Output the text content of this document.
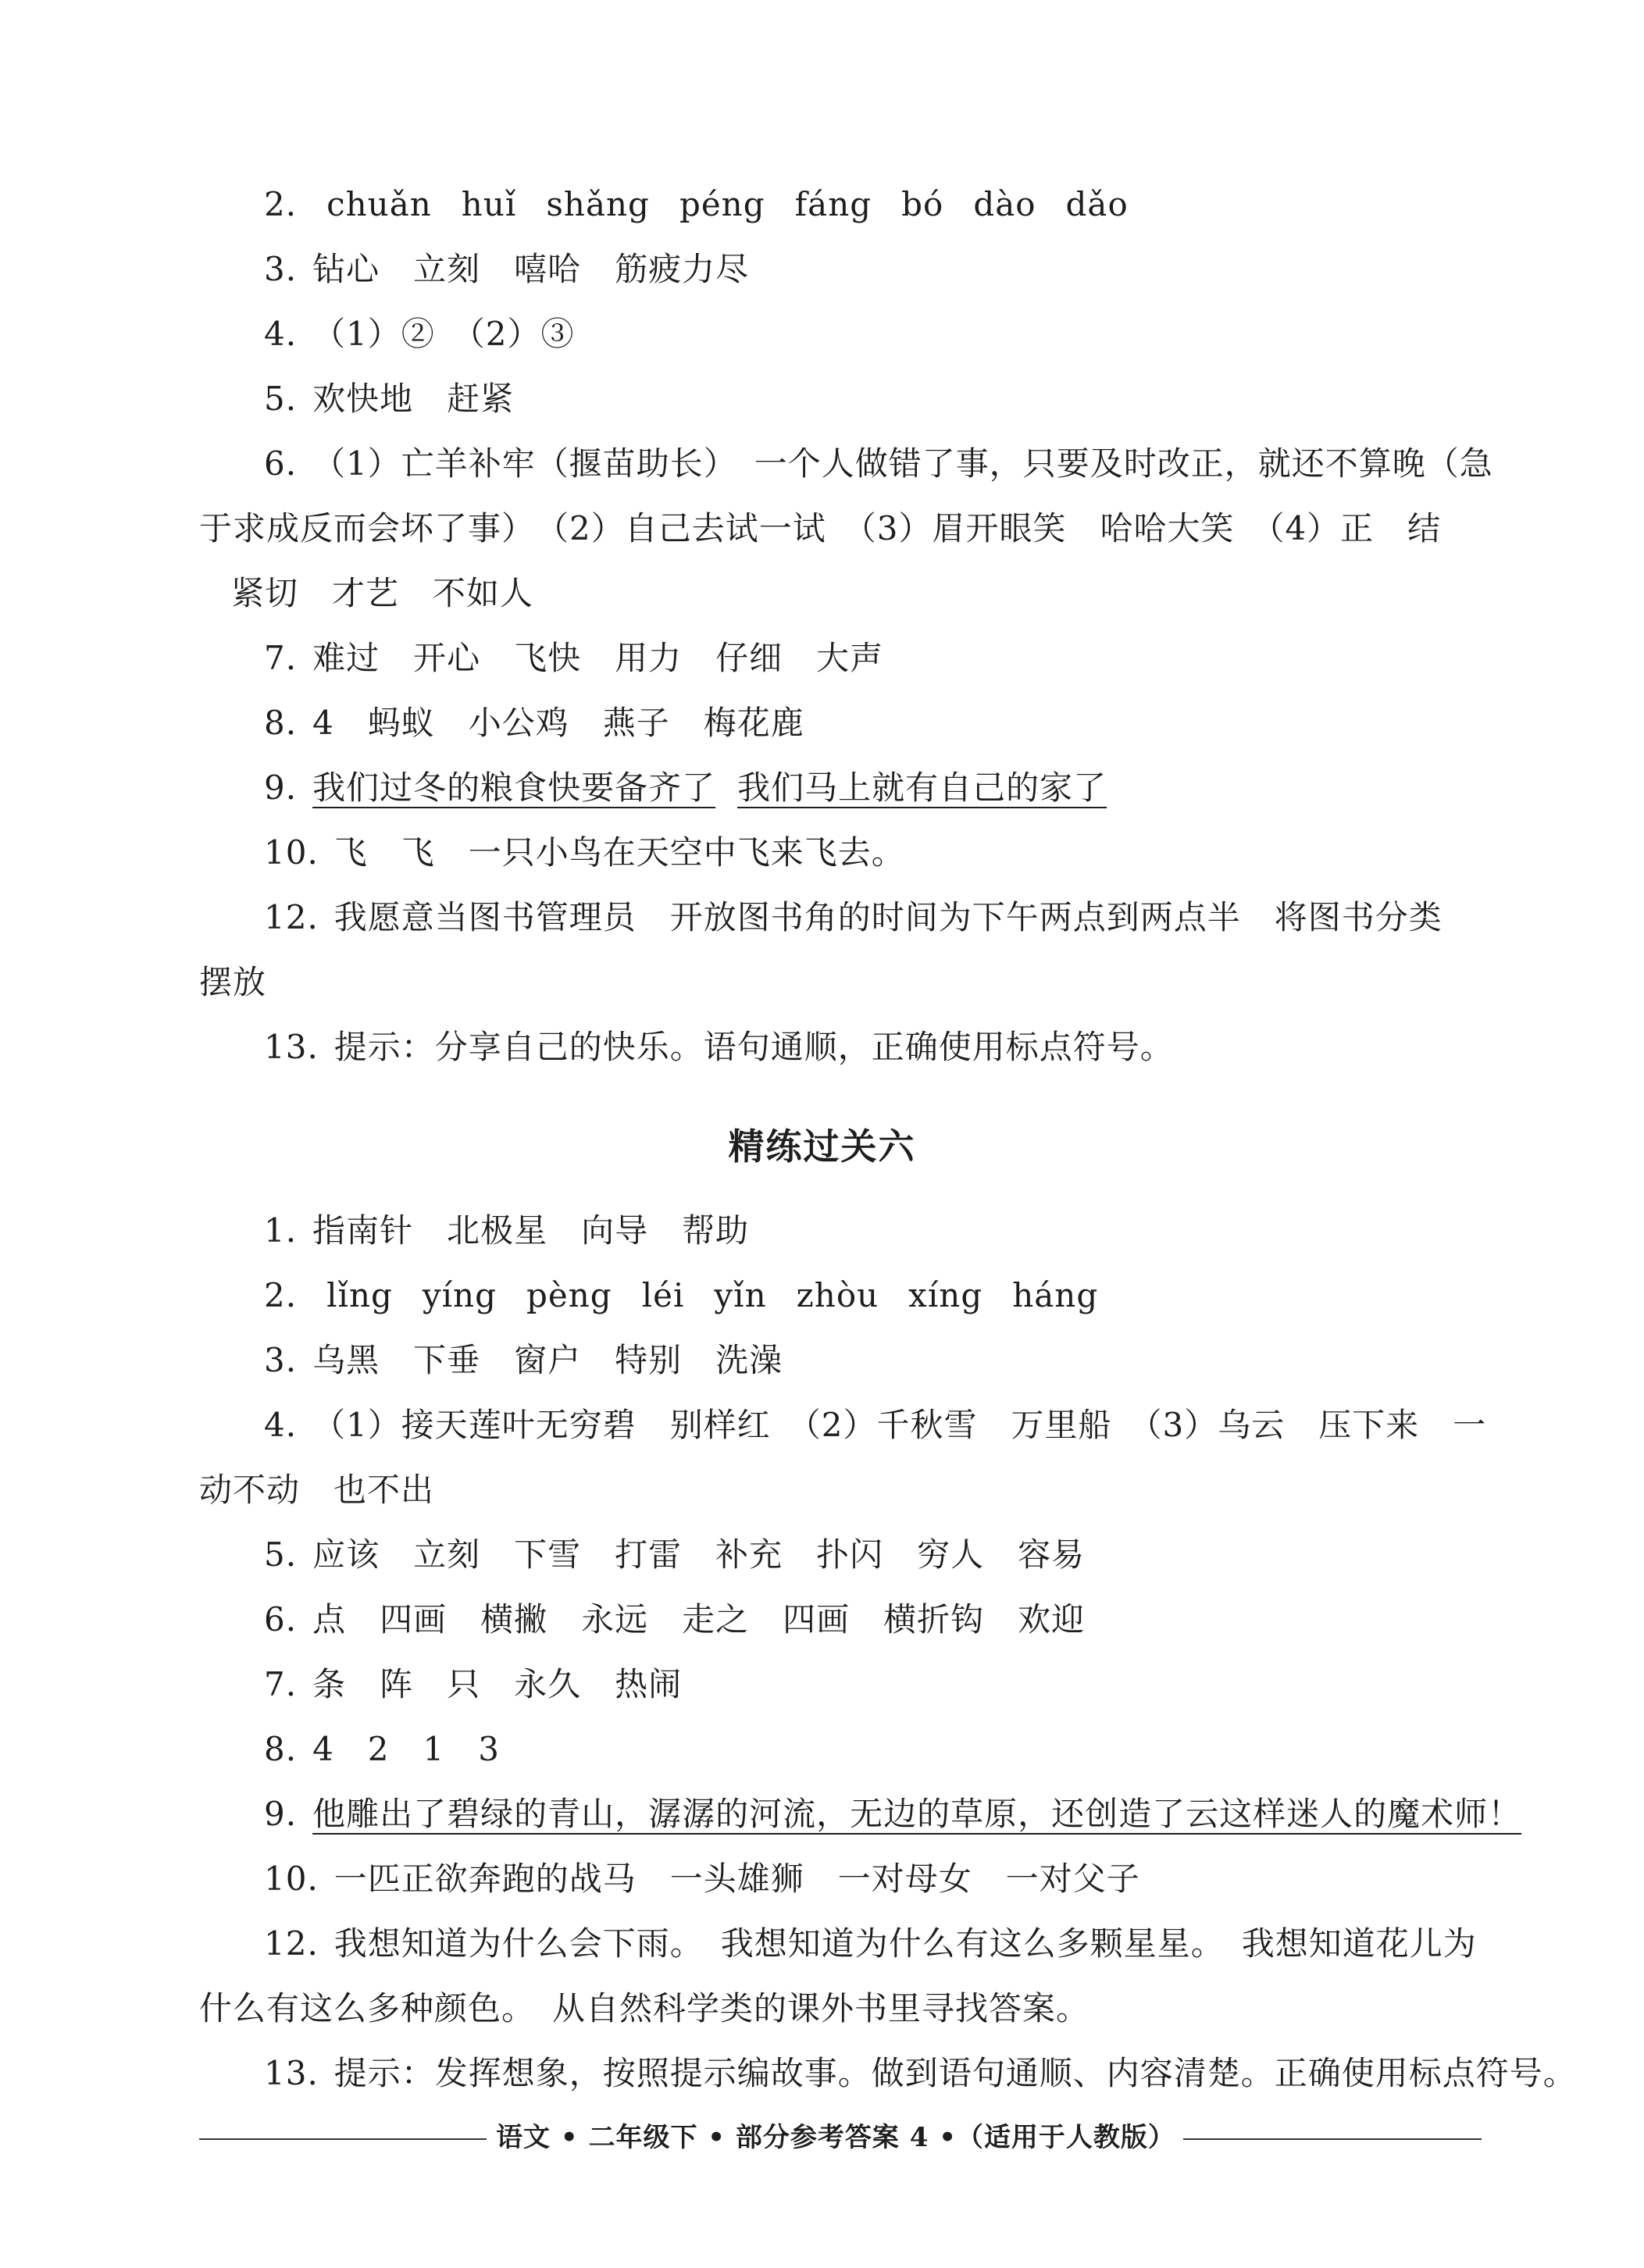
2. chuǎn huǐ shǎng péng fáng bó dào dǎo
3. 钻心　立刻　嘻哈　筋疲力尽
4. （1）②　（2）③
5. 欢快地　赶紧
6. （1）亡羊补牢（揠苗助长）　一个人做错了事，只要及时改正，就还不算晚（急
于求成反而会坏了事）　（2）自己去试一试　（3）眉开眼笑　哈哈大笑　（4）正　结
紧切　才艺　不如人
7. 难过　开心　飞快　用力　仔细　大声
8. 4　蚂蚁　小公鸡　燕子　梅花鹿
9. 我们过冬的粮食快要备齐了 我们马上就有自己的家了
10. 飞　飞　一只小鸟在天空中飞来飞去。
12. 我愿意当图书管理员　开放图书角的时间为下午两点到两点半　将图书分类
摆放
13. 提示：分享自己的快乐。语句通顺，正确使用标点符号。
精练过关六
1. 指南针　北极星　向导　帮助
2. lǐng yíng pèng léi yǐn zhòu xíng háng
3. 乌黑　下垂　窗户　特别　洗澡
4. （1）接天莲叶无穷碧　别样红　（2）千秋雪　万里船　（3）乌云　压下来　一
动不动　也不出
5. 应该　立刻　下雪　打雷　补充　扑闪　穷人　容易
6. 点　四画　横撇　永远　走之　四画　横折钩　欢迎
7. 条　阵　只　永久　热闹
8. 4　2　1　3
9. 他雕出了碧绿的青山，潺潺的河流，无边的草原，还创造了云这样迷人的魔术师！
10. 一匹正欲奔跑的战马　一头雄狮　一对母女　一对父子
12. 我想知道为什么会下雨。　我想知道为什么有这么多颗星星。　我想知道花儿为
什么有这么多种颜色。　从自然科学类的课外书里寻找答案。
13. 提示：发挥想象，按照提示编故事。做到语句通顺、内容清楚。正确使用标点符号。
语文 • 二年级下 • 部分参考答案 4 •（适用于人教版）
